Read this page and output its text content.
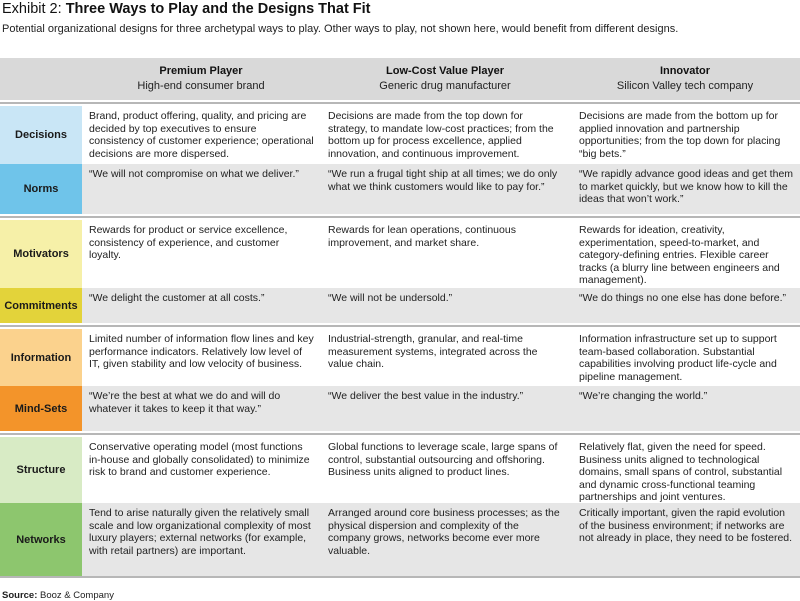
Exhibit 2: Three Ways to Play and the Designs That Fit
Potential organizational designs for three archetypal ways to play. Other ways to play, not shown here, would benefit from different designs.
Premium Player
High-end consumer brand
Low-Cost Value Player
Generic drug manufacturer
Innovator
Silicon Valley tech company
Decisions
Brand, product offering, quality, and pricing are decided by top executives to ensure consistency of customer experience; operational decisions are more dispersed.
Decisions are made from the top down for strategy, to mandate low-cost practices; from the bottom up for process excellence, applied innovation, and continuous improvement.
Decisions are made from the bottom up for applied innovation and partnership opportunities; from the top down for placing “big bets.”
Norms
“We will not compromise on what we deliver.”	“We run a frugal tight ship at all times; we do only what we think customers would like to pay for.”
“We rapidly advance good ideas and get them to market quickly, but we know how to kill the ideas that won’t work.”
Motivators
Rewards for product or service excellence, consistency of experience, and customer loyalty.
Rewards for lean operations, continuous improvement, and market share.
Rewards for ideation, creativity, experimentation, speed-to-market, and category-defining entries. Flexible career tracks (a blurry line between engineers and management).
Commitments
“We delight the customer at all costs.”	“We will not be undersold.”	“We do things no one else has done before.”
Information
Limited number of information flow lines and key performance indicators. Relatively low level of IT, given stability and low velocity of business.
Industrial-strength, granular, and real-time measurement systems, integrated across the value chain.
Information infrastructure set up to support team-based collaboration. Substantial capabilities involving product life-cycle and pipeline management.
Mind-Sets
“We’re the best at what we do and will do whatever it takes to keep it that way.”
“We deliver the best value in the industry.”	“We’re changing the world.”
Structure
Conservative operating model (most functions in-house and globally consolidated) to minimize risk to brand and customer experience.
Global functions to leverage scale, large spans of control, substantial outsourcing and offshoring. Business units aligned to product lines.
Relatively flat, given the need for speed. Business units aligned to technological domains, small spans of control, substantial and dynamic cross-functional teaming partnerships and joint ventures.
Networks
Tend to arise naturally given the relatively small scale and low organizational complexity of most luxury players; external networks (for example, with retail partners) are important.
Arranged around core business processes; as the physical dispersion and complexity of the company grows, networks become ever more valuable.
Critically important, given the rapid evolution of the business environment; if networks are not already in place, they need to be fostered.
Source: Booz & Company
